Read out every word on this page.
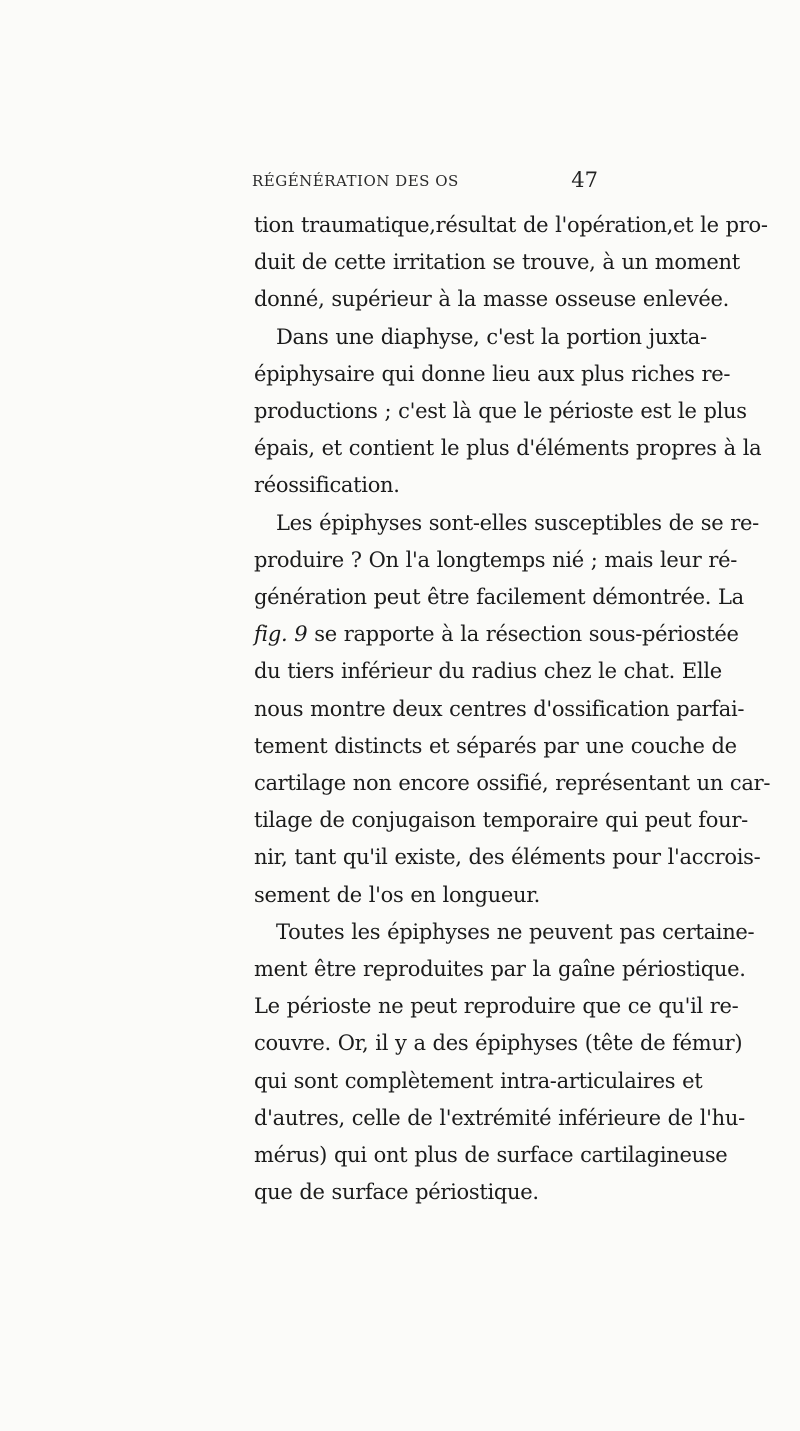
RÉGÉNÉRATION DES OS	47

tion traumatique,résultat de l'opération,et le pro-
duit de cette irritation se trouve, à un moment
donné, supérieur à la masse osseuse enlevée.

Dans une diaphyse, c'est la portion juxta-
épiphysaire qui donne lieu aux plus riches re-
productions ; c'est là que le périoste est le plus
épais, et contient le plus d'éléments propres à la
réossification.

Les épiphyses sont-elles susceptibles de se re-
produire ? On l'a longtemps nié ; mais leur ré-
génération peut être facilement démontrée. La
fig. 9 se rapporte à la résection sous-périostée
du tiers inférieur du radius chez le chat. Elle
nous montre deux centres d'ossification parfai-
tement distincts et séparés par une couche de
cartilage non encore ossifié, représentant un car-
tilage de conjugaison temporaire qui peut four-
nir, tant qu'il existe, des éléments pour l'accrois-
sement de l'os en longueur.

Toutes les épiphyses ne peuvent pas certaine-
ment être reproduites par la gaîne périostique.
Le périoste ne peut reproduire que ce qu'il re-
couvre. Or, il y a des épiphyses (tête de fémur)
qui sont complètement intra-articulaires et
d'autres, celle de l'extrémité inférieure de l'hu-
mérus) qui ont plus de surface cartilagineuse
que de surface périostique.
